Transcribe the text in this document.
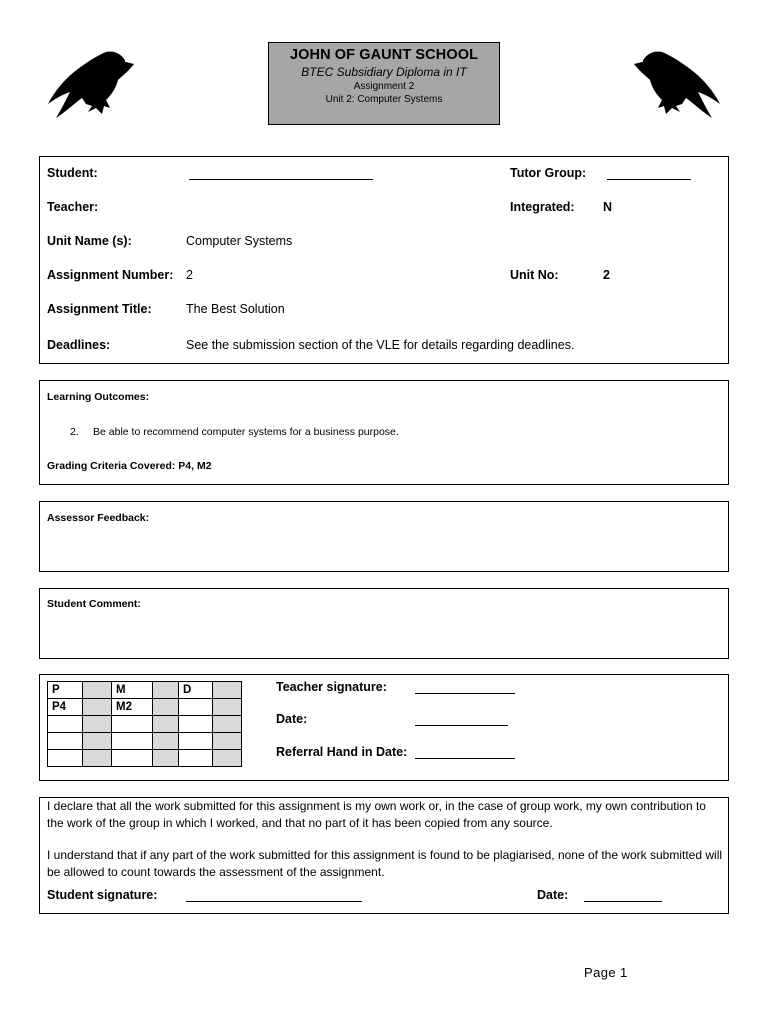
JOHN OF GAUNT SCHOOL
BTEC Subsidiary Diploma in IT
Assignment 2
Unit 2: Computer Systems
Student:	Tutor Group:
Teacher:	Integrated: N
Unit Name (s):	Computer Systems
Assignment Number: 2	Unit No:	2
Assignment Title:	The Best Solution
Deadlines:	See the submission section of the VLE for details regarding deadlines.
Learning Outcomes:
2. Be able to recommend computer systems for a business purpose.
Grading Criteria Covered: P4, M2
Assessor Feedback:
Student Comment:
P		M		D	
P4		M2			

Teacher signature:
Date:
Referral Hand in Date:
I declare that all the work submitted for this assignment is my own work or, in the case of group work, my own contribution to the work of the group in which I worked, and that no part of it has been copied from any source.
I understand that if any part of the work submitted for this assignment is found to be plagiarised, none of the work submitted will be allowed to count towards the assessment of the assignment.
Student signature:	Date:
Page 1
